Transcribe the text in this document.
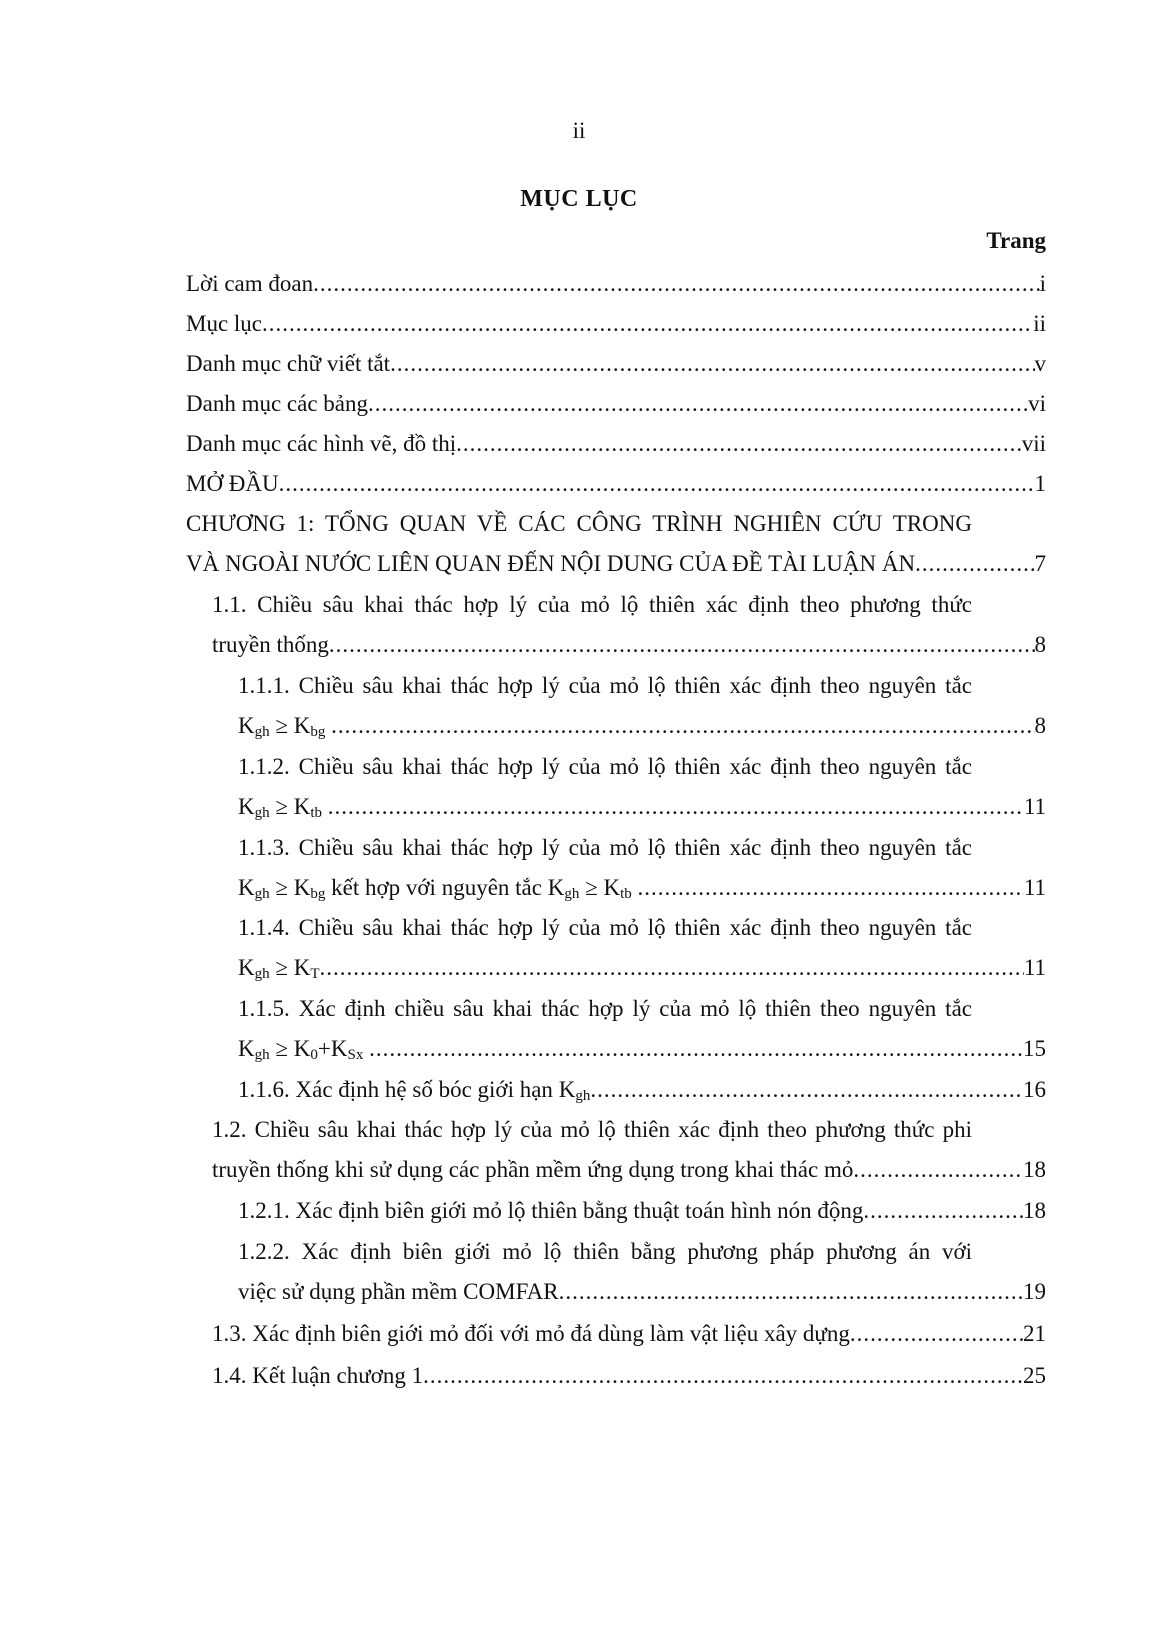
ii
MỤC LỤC
Trang
Lời cam đoan .....	i
Mục lục .....	ii
Danh mục chữ viết tắt .....	v
Danh mục các bảng .....	vi
Danh mục các hình vẽ, đồ thị .....	vii
MỞ ĐẦU .....	1
CHƯƠNG 1: TỔNG QUAN VỀ CÁC CÔNG TRÌNH NGHIÊN CỨU TRONG
VÀ NGOÀI NƯỚC LIÊN QUAN ĐẾN NỘI DUNG CỦA ĐỀ TÀI LUẬN ÁN .....	7
1.1. Chiều sâu khai thác hợp lý của mỏ lộ thiên xác định theo phương thức
truyền thống .....	8
1.1.1. Chiều sâu khai thác hợp lý của mỏ lộ thiên xác định theo nguyên tắc
$K_{gh} \ge K_{bg}$ .....	8
1.1.2. Chiều sâu khai thác hợp lý của mỏ lộ thiên xác định theo nguyên tắc
$K_{gh} \ge K_{tb}$ .....	11
1.1.3. Chiều sâu khai thác hợp lý của mỏ lộ thiên xác định theo nguyên tắc
$K_{gh} \ge K_{bg}$ kết hợp với nguyên tắc $K_{gh} \ge K_{tb}$ .....	11
1.1.4. Chiều sâu khai thác hợp lý của mỏ lộ thiên xác định theo nguyên tắc
$K_{gh} \ge K_T$ .....	11
1.1.5. Xác định chiều sâu khai thác hợp lý của mỏ lộ thiên theo nguyên tắc
$K_{gh} \ge K_0+K_{Sx}$ .....	15
1.1.6. Xác định hệ số bóc giới hạn $K_{gh}$ .....	16
1.2. Chiều sâu khai thác hợp lý của mỏ lộ thiên xác định theo phương thức phi
truyền thống khi sử dụng các phần mềm ứng dụng trong khai thác mỏ .....	18
1.2.1. Xác định biên giới mỏ lộ thiên bằng thuật toán hình nón động .....	18
1.2.2. Xác định biên giới mỏ lộ thiên bằng phương pháp phương án với
việc sử dụng phần mềm COMFAR .....	19
1.3. Xác định biên giới mỏ đối với mỏ đá dùng làm vật liệu xây dựng .....	21
1.4. Kết luận chương 1 .....	25
